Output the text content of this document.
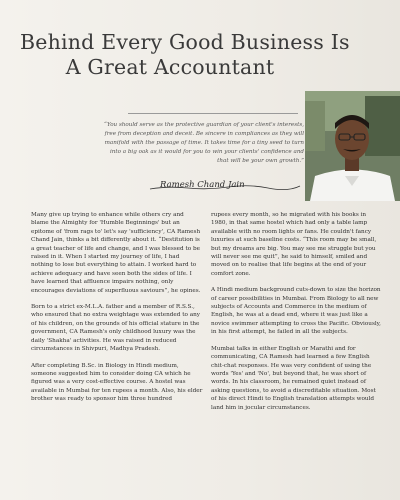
Behind Every Good Business Is
A Great Accountant
“You should serve as the protective guardian of your client's interests, free from deception and deceit. Be sincere in compliances as they will manifold with the passage of time. It takes time for a tiny seed to turn into a big oak as it would for you to win your clients' confidence and that will be your own growth.”
Ramesh Chand Jain

Many give up trying to enhance while others cry and blame the Almighty for 'Humble Beginnings' but an epitome of 'from rags to' let's say 'sufficiency', CA Ramesh Chand Jain, thinks a bit differently about it. “Destitution is a great teacher of life and change, and I was blessed to be raised in it. When I started my journey of life, I had nothing to lose but everything to attain. I worked hard to achieve adequacy and have seen both the sides of life. I have learned that affluence impairs nothing, only encourages deviations of superfluous saviours”, he opines.

Born to a strict ex-M.L.A. father and a member of R.S.S., who ensured that no extra weightage was extended to any of his children, on the grounds of his official stature in the government, CA Ramesh's only childhood luxury was the daily 'Shakha' activities. He was raised in reduced circumstances in Shivpuri, Madhya Pradesh.

After completing B.Sc. in Biology in Hindi medium, someone suggested him to consider doing CA which he figured was a very cost-effective course. A hostel was available in Mumbai for ten rupees a month. Also, his elder brother was ready to sponsor him three hundred

rupees every month, so he migrated with his books in 1980, in that same hostel which had only a table lamp available with no room lights or fans. He couldn't fancy luxuries at such baseline costs. “This room may be small, but my dreams are big. You may see me struggle but you will never see me quit”, he said to himself, smiled and moved on to realise that life begins at the end of your comfort zone.

A Hindi medium background cuts-down to size the horizon of career possibilities in Mumbai. From Biology to all new subjects of Accounts and Commerce in the medium of English, he was at a dead end, where it was just like a novice swimmer attempting to cross the Pacific. Obviously, in his first attempt, he failed in all the subjects.

Mumbai talks in either English or Marathi and for communicating, CA Ramesh had learned a few English chit-chat responses. He was very confident of using the words 'Yes' and 'No', but beyond that, he was short of words. In his classroom, he remained quiet instead of asking questions, to avoid a discreditable situation. Most of his direct Hindi to English translation attempts would land him in jocular circumstances.
